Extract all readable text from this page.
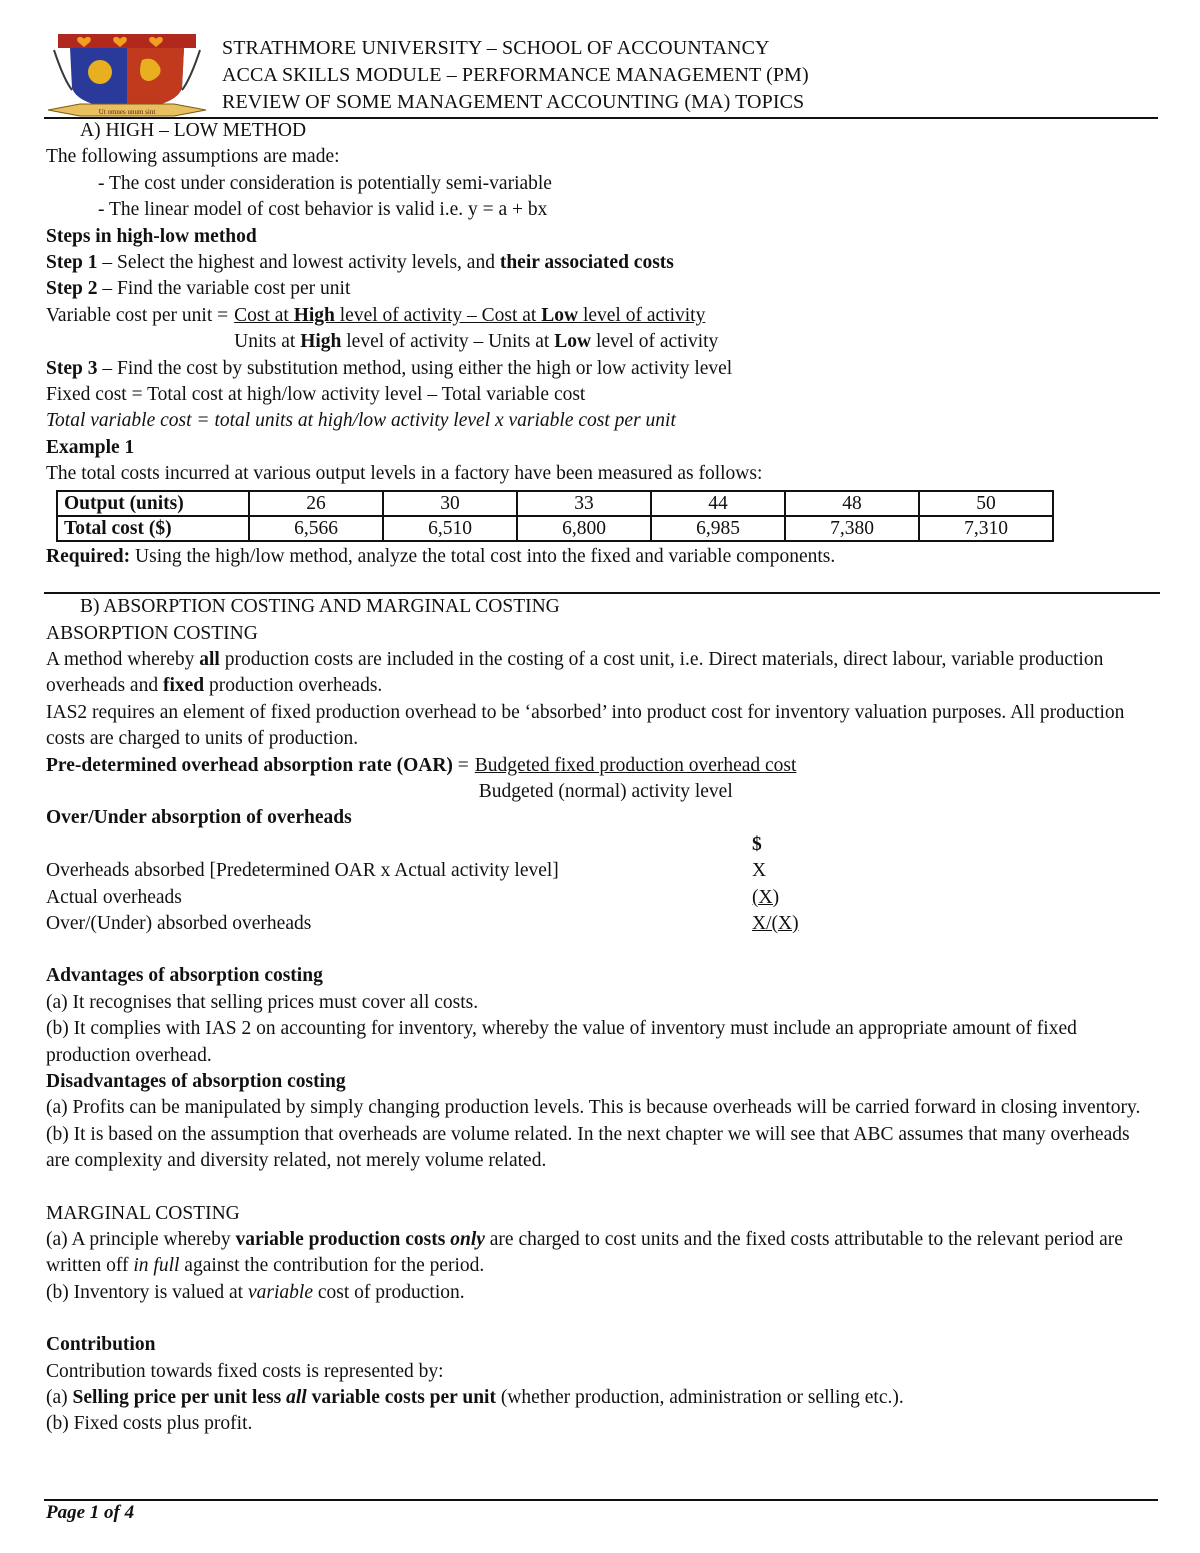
Ut omnes unum sint
STRATHMORE UNIVERSITY – SCHOOL OF ACCOUNTANCY
ACCA SKILLS MODULE – PERFORMANCE MANAGEMENT (PM)
REVIEW OF SOME MANAGEMENT ACCOUNTING (MA) TOPICS
A) HIGH – LOW METHOD
The following assumptions are made:
- The cost under consideration is potentially semi-variable
- The linear model of cost behavior is valid i.e. y = a + bx
Steps in high-low method
Step 1 – Select the highest and lowest activity levels, and their associated costs
Step 2 – Find the variable cost per unit
Variable cost per unit = Cost at High level of activity – Cost at Low level of activity
Units at High level of activity – Units at Low level of activity
Step 3 – Find the cost by substitution method, using either the high or low activity level
Fixed cost = Total cost at high/low activity level – Total variable cost
Total variable cost = total units at high/low activity level x variable cost per unit
Example 1
The total costs incurred at various output levels in a factory have been measured as follows:
Output (units)	26	30	33	44	48	50
Total cost ($)	6,566	6,510	6,800	6,985	7,380	7,310
Required: Using the high/low method, analyze the total cost into the fixed and variable components.
B) ABSORPTION COSTING AND MARGINAL COSTING
ABSORPTION COSTING
A method whereby all production costs are included in the costing of a cost unit, i.e. Direct materials, direct labour, variable production overheads and fixed production overheads.
IAS2 requires an element of fixed production overhead to be ‘absorbed’ into product cost for inventory valuation purposes. All production costs are charged to units of production.
Pre-determined overhead absorption rate (OAR) = Budgeted fixed production overhead cost
Budgeted (normal) activity level
Over/Under absorption of overheads
$
Overheads absorbed [Predetermined OAR x Actual activity level]	X
Actual overheads	(X)
Over/(Under) absorbed overheads	X/(X)
Advantages of absorption costing
(a) It recognises that selling prices must cover all costs.
(b) It complies with IAS 2 on accounting for inventory, whereby the value of inventory must include an appropriate amount of fixed production overhead.
Disadvantages of absorption costing
(a) Profits can be manipulated by simply changing production levels. This is because overheads will be carried forward in closing inventory.
(b) It is based on the assumption that overheads are volume related. In the next chapter we will see that ABC assumes that many overheads are complexity and diversity related, not merely volume related.
MARGINAL COSTING
(a) A principle whereby variable production costs only are charged to cost units and the fixed costs attributable to the relevant period are written off in full against the contribution for the period.
(b) Inventory is valued at variable cost of production.
Contribution
Contribution towards fixed costs is represented by:
(a) Selling price per unit less all variable costs per unit (whether production, administration or selling etc.).
(b) Fixed costs plus profit.
Page 1 of 4
